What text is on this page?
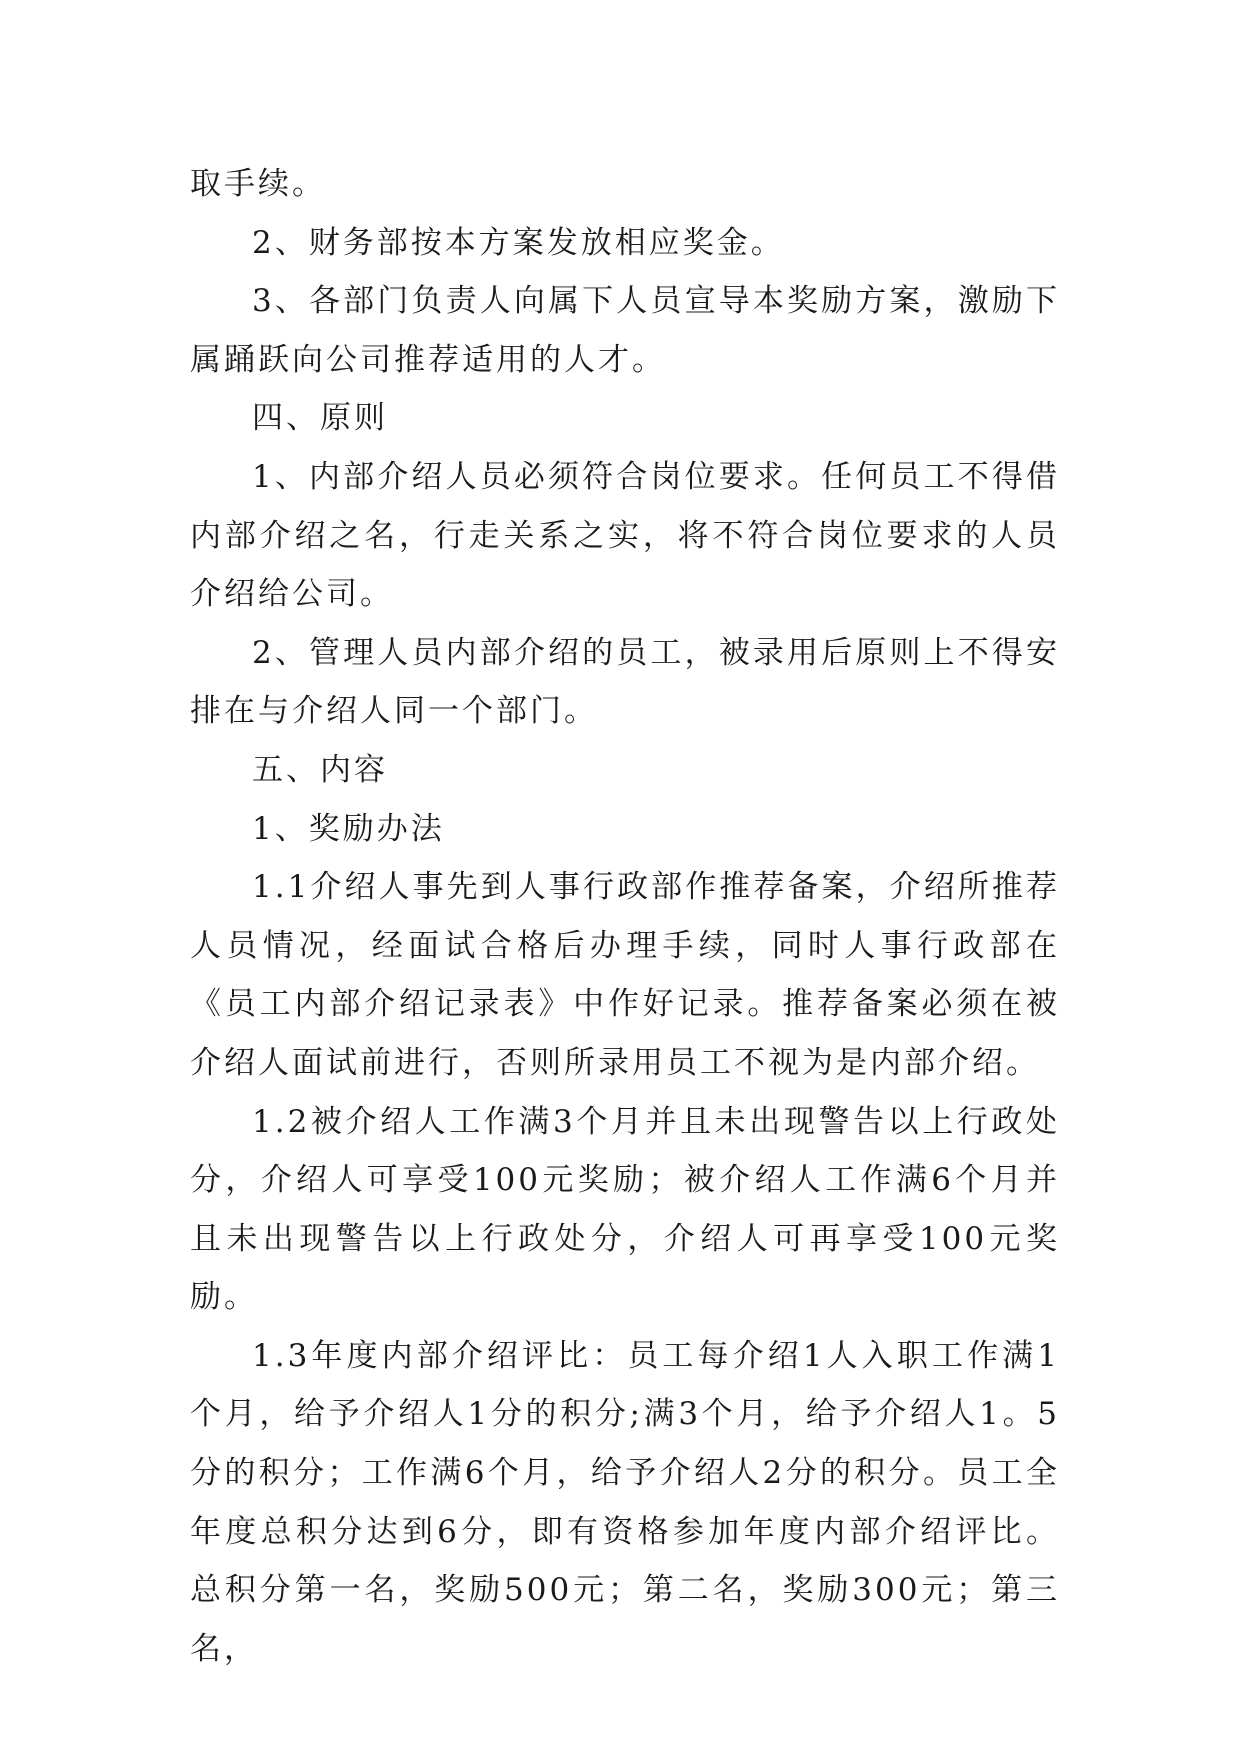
取手续。

2、财务部按本方案发放相应奖金。

3、各部门负责人向属下人员宣导本奖励方案，激励下属踊跃向公司推荐适用的人才。

四、原则

1、内部介绍人员必须符合岗位要求。任何员工不得借内部介绍之名，行走关系之实，将不符合岗位要求的人员介绍给公司。

2、管理人员内部介绍的员工，被录用后原则上不得安排在与介绍人同一个部门。

五、内容

1、奖励办法

1.1介绍人事先到人事行政部作推荐备案，介绍所推荐人员情况，经面试合格后办理手续，同时人事行政部在《员工内部介绍记录表》中作好记录。推荐备案必须在被介绍人面试前进行，否则所录用员工不视为是内部介绍。

1.2被介绍人工作满3个月并且未出现警告以上行政处分，介绍人可享受100元奖励；被介绍人工作满6个月并且未出现警告以上行政处分，介绍人可再享受100元奖励。

1.3年度内部介绍评比：员工每介绍1人入职工作满1个月，给予介绍人1分的积分;满3个月，给予介绍人1。5分的积分；工作满6个月，给予介绍人2分的积分。员工全年度总积分达到6分，即有资格参加年度内部介绍评比。总积分第一名，奖励500元；第二名，奖励300元；第三名，
